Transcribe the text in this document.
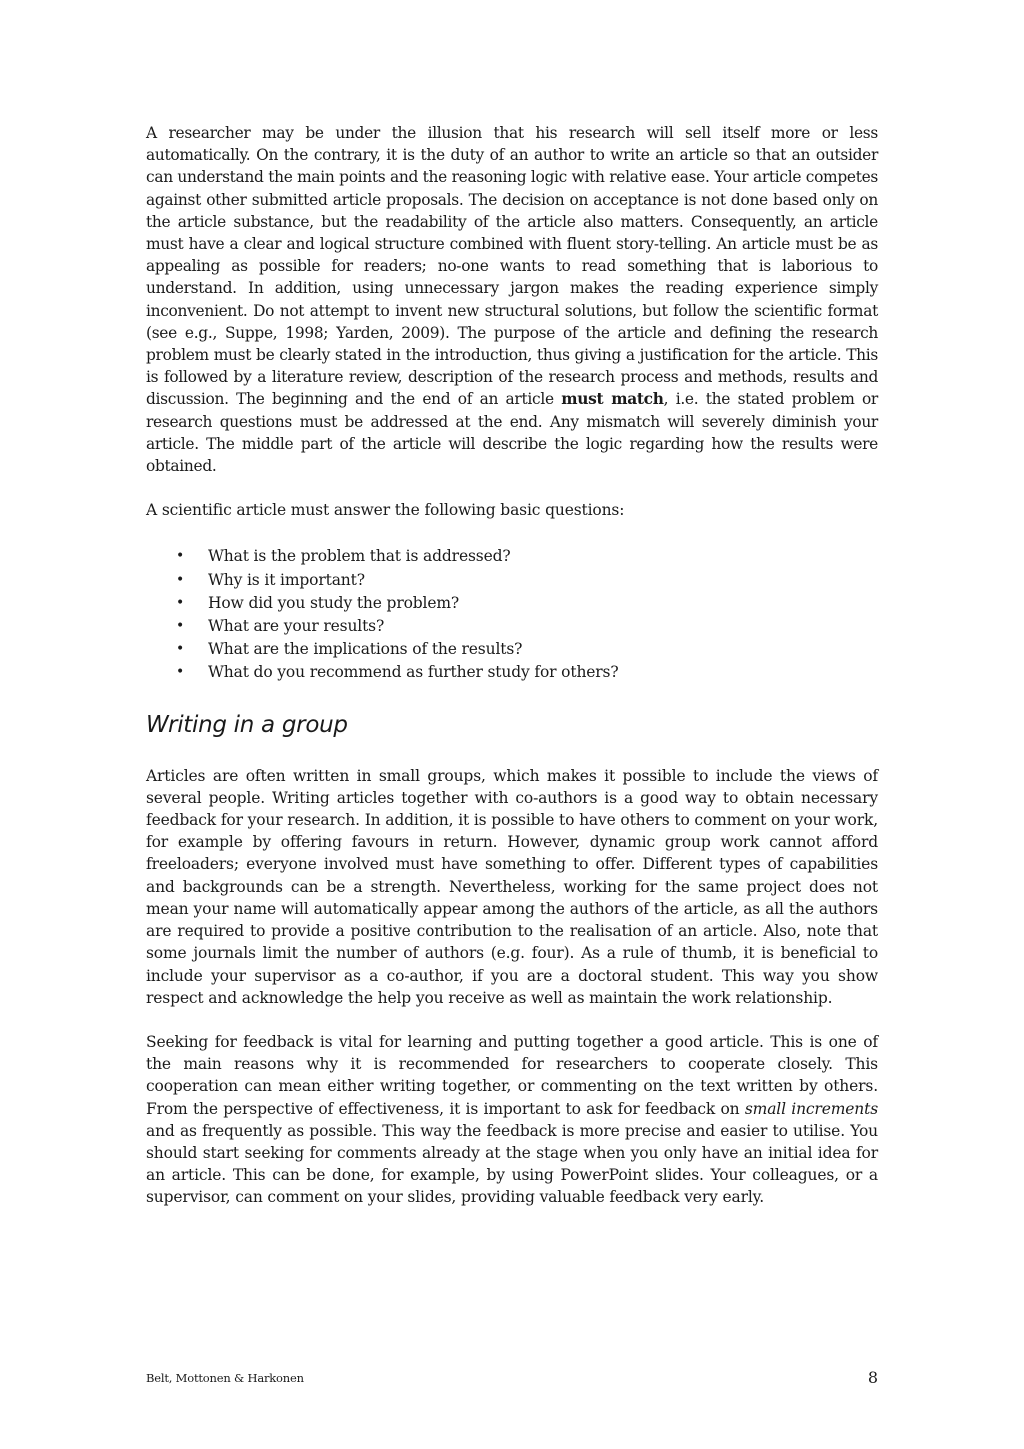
A researcher may be under the illusion that his research will sell itself more or less automatically. On the contrary, it is the duty of an author to write an article so that an outsider can understand the main points and the reasoning logic with relative ease. Your article competes against other submitted article proposals. The decision on acceptance is not done based only on the article substance, but the readability of the article also matters. Consequently, an article must have a clear and logical structure combined with fluent story-telling. An article must be as appealing as possible for readers; no-one wants to read something that is laborious to understand. In addition, using unnecessary jargon makes the reading experience simply inconvenient. Do not attempt to invent new structural solutions, but follow the scientific format (see e.g., Suppe, 1998; Yarden, 2009). The purpose of the article and defining the research problem must be clearly stated in the introduction, thus giving a justification for the article. This is followed by a literature review, description of the research process and methods, results and discussion. The beginning and the end of an article must match, i.e. the stated problem or research questions must be addressed at the end. Any mismatch will severely diminish your article. The middle part of the article will describe the logic regarding how the results were obtained.

A scientific article must answer the following basic questions:

• What is the problem that is addressed?
• Why is it important?
• How did you study the problem?
• What are your results?
• What are the implications of the results?
• What do you recommend as further study for others?
Writing in a group

Articles are often written in small groups, which makes it possible to include the views of several people. Writing articles together with co-authors is a good way to obtain necessary feedback for your research. In addition, it is possible to have others to comment on your work, for example by offering favours in return. However, dynamic group work cannot afford freeloaders; everyone involved must have something to offer. Different types of capabilities and backgrounds can be a strength. Nevertheless, working for the same project does not mean your name will automatically appear among the authors of the article, as all the authors are required to provide a positive contribution to the realisation of an article. Also, note that some journals limit the number of authors (e.g. four). As a rule of thumb, it is beneficial to include your supervisor as a co-author, if you are a doctoral student. This way you show respect and acknowledge the help you receive as well as maintain the work relationship.

Seeking for feedback is vital for learning and putting together a good article. This is one of the main reasons why it is recommended for researchers to cooperate closely. This cooperation can mean either writing together, or commenting on the text written by others. From the perspective of effectiveness, it is important to ask for feedback on small increments and as frequently as possible. This way the feedback is more precise and easier to utilise. You should start seeking for comments already at the stage when you only have an initial idea for an article. This can be done, for example, by using PowerPoint slides. Your colleagues, or a supervisor, can comment on your slides, providing valuable feedback very early.

Belt, Mottonen & Harkonen	8
